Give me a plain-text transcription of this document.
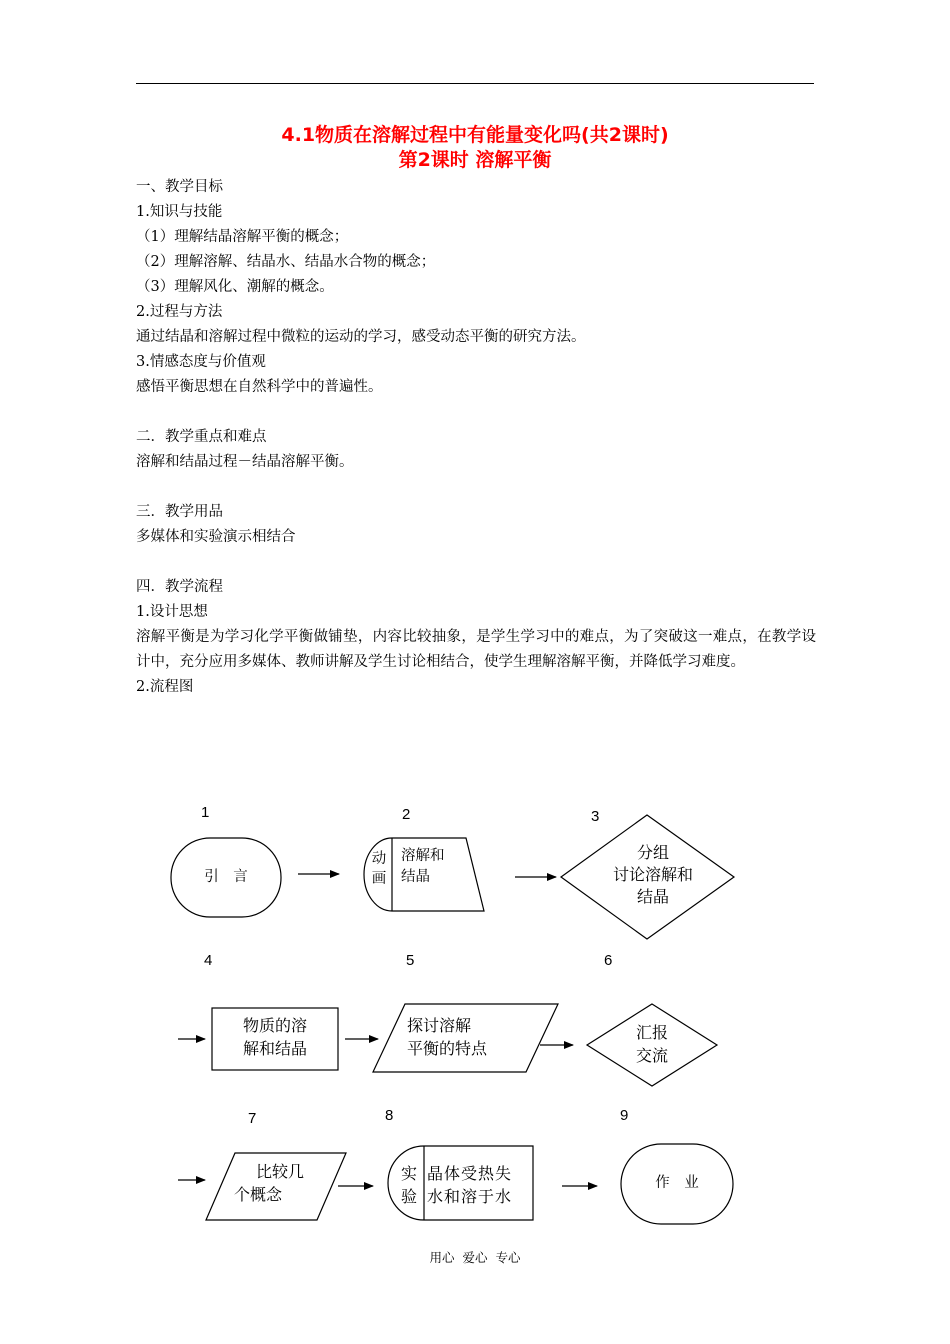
4.1物质在溶解过程中有能量变化吗(共2课时)
第2课时 溶解平衡
一、教学目标
1.知识与技能
（1）理解结晶溶解平衡的概念；
（2）理解溶解、结晶水、结晶水合物的概念；
（3）理解风化、潮解的概念。
2.过程与方法
通过结晶和溶解过程中微粒的运动的学习，感受动态平衡的研究方法。
3.情感态度与价值观
感悟平衡思想在自然科学中的普遍性。
二．教学重点和难点
溶解和结晶过程－结晶溶解平衡。
三．教学用品
多媒体和实验演示相结合
四．教学流程
1.设计思想
溶解平衡是为学习化学平衡做铺垫，内容比较抽象，是学生学习中的难点，为了突破这一难点，在教学设计中，充分应用多媒体、教师讲解及学生讨论相结合，使学生理解溶解平衡，并降低学习难度。
2.流程图
1	2	3
4	5	6
7	8	9
引　言
动
画
溶解和
结晶
分组
讨论溶解和
结晶
物质的溶
解和结晶
探讨溶解
平衡的特点
汇报
交流
比较几
个概念
实
验
晶体受热失
水和溶于水
作　业
用心 爱心 专心
